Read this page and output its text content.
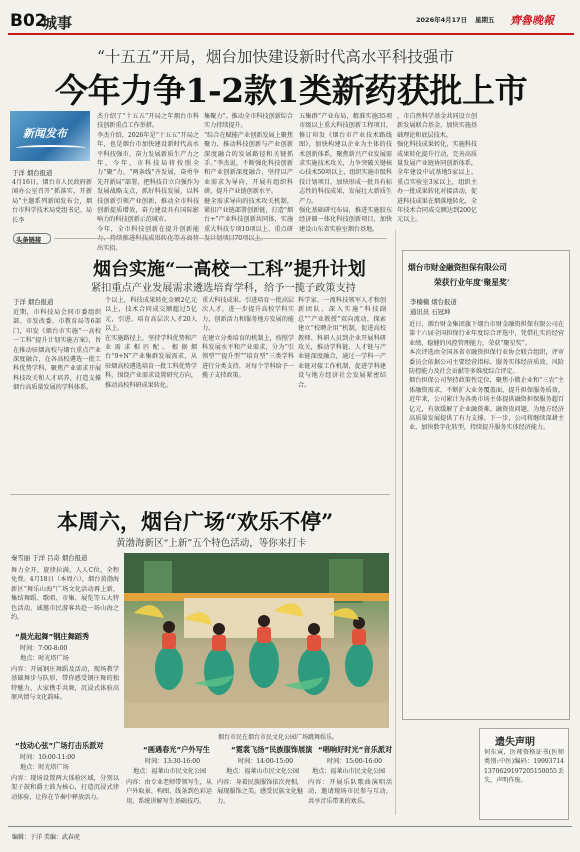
B02
城事	2026年4月17日 星期五 齊魯晚報
“十五五”开局，烟台加快建设新时代高水平科技强市
今年力争1-2款1类新药获批上市
新闻发布
于洋 烟台报道
4月16日，烟台市人民政府新闻办公室召开“抓落实，开新局”主题系列新闻发布会，烟台市科学技术局党组书记、局长李
杰介绍了“十五五”开局之年烟台市科技创新重点工作举措。
李杰介绍，2026年是“十五五”开局之年，也是烟台市加快建设新时代高水平科技强市，奋力发展新质生产力之年，今年，市科技局将按照全力“聚”力、“两条线”齐发展，奋勇争先开新局”部署，把科技自立自强作为发展战略支点，抓好科技发展，以科技创新引领产业创新，推动全市科技创新提质增效，奋力建设具有国际影响力的科技创新示范城市。
今年，全市科技创新在提升创新能 出实招。
集聚力”。推动全市科技创新综合实力持续提升。
“综合在赋能产业创新发展上聚焦聚力，推动科技创新与产业创新深度融合的发展路径和关键抓手。”李杰说，不断强化科技创新和产业创新深度融合，坚持以产业需求为导向，开展有组织科研，提升产业链创新水平。
健全需求导向的技术攻关机制，紧扣产业链部署创新链，打造“烟台+”产业科技创新共同体，实施重大科技专项10项以上、重点研
五集群”产业布局，精准实施35项市级以上重大科技创新工程项目，修订印发《烟台市产业技术路线图》，加快构建以企业为主体的技术创新体系，聚焦新兴产业发展需求实施技术攻关，力争突破关键核心技术50项以上，组织实施市级科技计划项目，加快形成一批具有标志性的科技成果，发展壮大新质生产力。
强化基础研究布局，推进实施胶东经济圈一体化科技创新项目，加快建设山东省实验室烟台基地。
，市自然科学基金共同设立创新发展联合基金，加快实施基础理论和底层技术。
强化科技成果转化，实施科技成果转化提升行动，完善高质量发展产业链协同创新体系，全年建设中试基地5家以上、重点实验室3家以上，组织主办一批成果转化对接活动，促进科技成果在烟落地转化，全年技术合同成交额达到200亿元以上。
头条链接
烟台实施“一高校一工科”提升计划
紧扣重点产业发展需求遴选培育学科，给予一揽子政策支持
于洋 烟台报道
近期，市科技局会同市委组织部、市发改委、市教育局等6部门，印发《烟台市实施“一高校一工科”提升计划实施方案》，旨在推动驻烟高校与烟台重点产业深度融合，在各高校遴选一批工科优势学科，聚焦产业需求开展科技攻关和人才培养，打造支撑烟台高质量发展的学科体系。
个以上，科技成果转化金额2亿元以上，技术合同成交额超过5亿元，引进、培育高层次人才20人以上。
在实施路径上，坚持学科优势和产业需求相匹配。根据烟台“9+N”产业集群发展需求，从驻烟高校遴选培育一批工科优势学科，围绕产业需求设置研究方向，推动高校科研成果转化。
重大科技成果。引进培育一批高层次人才，进一步提升高校学科实力，创新活力和服务地方发展的能力。
在建立分类培育的机制上，按照学科发展水平和产业需求，分为“引领型”“提升型”“培育型”三类学科进行分类支持，对每个学科给予一揽子支持政策。
科学家、一流科技领军人才和创新团队，深入实施“科技副总”“产业教授”双向流动，探索建立“校聘企用”机制，促进高校教师、科研人员到企业开展科研攻关，推动学科链、人才链与产业链深度融合，通过一学科一产业链对接工作机制，促进学科建设与地方经济社会发展紧密结合。
烟台市财金融资担保有限公司
荣获行业年度‘聚星奖’
李楠楠 烟台报道
通讯员 石冠坤
近日，烟台财金集团旗下烟台市财金融资担保有限公司在第十六届全国担保行业年度综合评选中，凭借扎实的经营业绩、稳健的风控管理能力，荣获“聚星奖”。
本次评选由全国各省市融资担保行业协会联合组织，评审委员会依据公司主要经营指标、服务实体经济质效、风险防控能力及社会贡献等多维度综合评定。
烟台担保公司坚持政策性定位，聚焦小微企业和“三农”主体融资需求，不断扩大业务覆盖面，提升担保服务质效。近年来，公司累计为各类市场主体提供融资担保服务超百亿元，有效缓解了企业融资难、融资贵问题，为地方经济高质量发展提供了有力支撑。下一步，公司将继续深耕主业，加快数字化转型，持续提升服务实体经济能力。
遗失声明
何东寅，医师资格证书(医师类别:中医)编码：199937141370629197205150055丢失，声明作废。
本周六，烟台广场“欢乐不停”
黄渤海新区“上新”五个特色活动，等你来打卡
秦雪丽 于洋 吕奇 烟台报道
舞力全开，旋律拉满，人人C位，全程免费。4月18日（本周六），烟台黄渤海新区“舞乐山海”广场文化活动再上新，集结舞蹈、歌唱、市集、展览等五大特色活动，诚邀市民游客共赴一场山海之约。
烟台市民在烟台市民文化公园广场跳舞娱乐。
“晨光起舞”钢庄舞蹈秀
时间：7:00-8:00
地点：时光塔广场
内容：开展钢庄舞蹈及活动，现场教学基础舞步与队形，带你感受钢庄舞的独特魅力，大家携手共舞，沉浸式体验高原风情与文化韵味。
“技动心弦”广场打击乐派对
时间：10:00-11:00
地点：时光塔广场
内容：现场设置两大体验区域，分别以架子鼓和爵士鼓为核心，打造沉浸式律动体验，让你在节奏中释放活力。
“画遇春光”户外写生
时间：13:30-16:00
地点：福莱山市民文化公园
内容：由专业老师带领写生，从户外取景、构图、线条到色彩运用，系统讲解写生基础技巧。
“霓裳飞扬”民族服饰展演
时间：14:00-15:00
地点：福莱山市民文化公园
内容：身着民族服饰依次亮相，展现服饰之美，感受民族文化魅力。
“唱响好时光”音乐派对
时间：15:00-16:00
地点：福莱山市民文化公园
内容：开展乐队歌曲演唱活动，邀请现场市民参与互动，共享音乐带来的欢乐。
编辑：于洋 美编：武春虎
